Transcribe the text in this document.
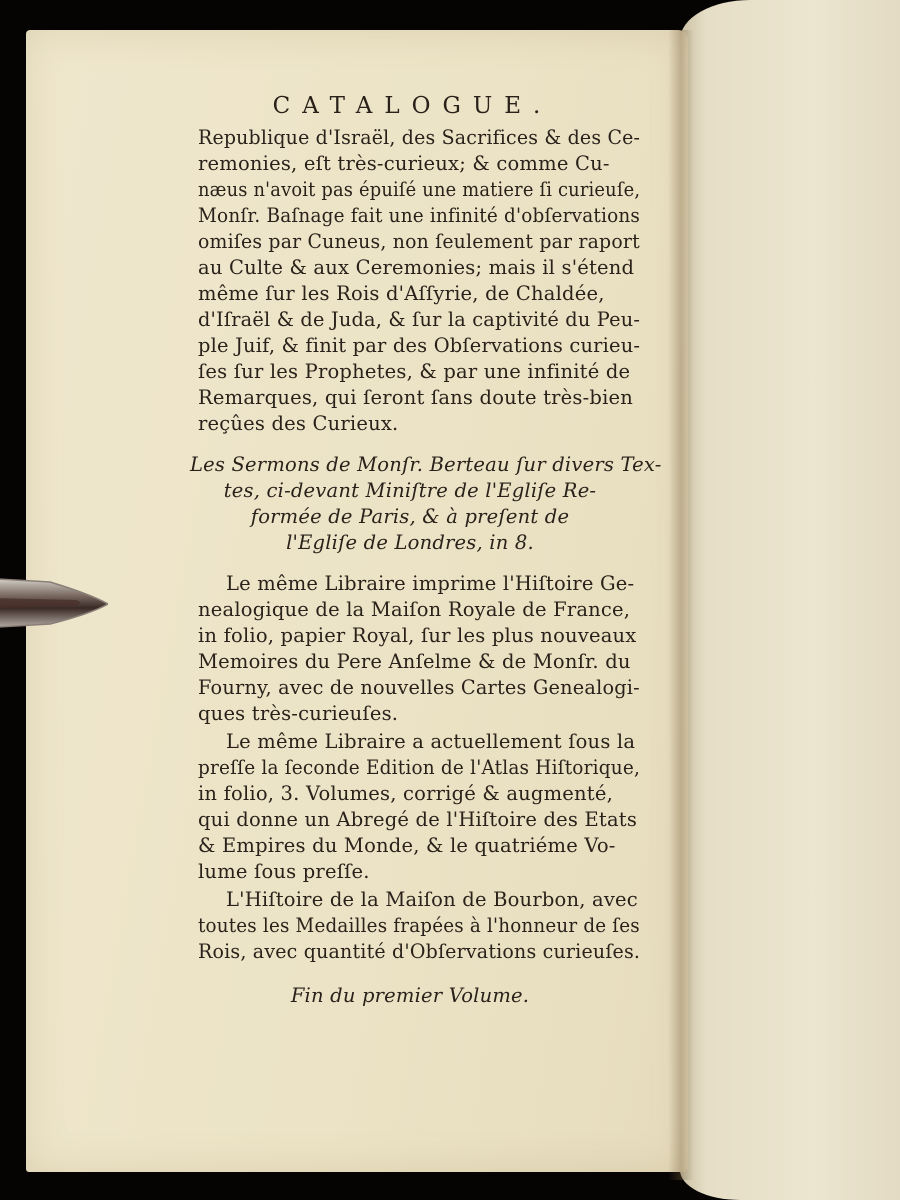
CATALOGUE.
Republique d'Israël, des Sacrifices & des Ce-
remonies, eſt très-curieux; & comme Cu-
næus n'avoit pas épuiſé une matiere ſi curieuſe,
Monſr. Baſnage fait une infinité d'obſervations
omiſes par Cuneus, non ſeulement par raport
au Culte & aux Ceremonies; mais il s'étend
même ſur les Rois d'Aſſyrie, de Chaldée,
d'Iſraël & de Juda, & ſur la captivité du Peu-
ple Juif, & finit par des Obſervations curieu-
ſes ſur les Prophetes, & par une infinité de
Remarques, qui ſeront ſans doute très-bien
reçûes des Curieux.
Les Sermons de Monſr. Berteau ſur divers Tex-
tes, ci-devant Miniſtre de l'Egliſe Re-
formée de Paris, & à preſent de
l'Egliſe de Londres, in 8.
Le même Libraire imprime l'Hiſtoire Ge-
nealogique de la Maiſon Royale de France,
in folio, papier Royal, ſur les plus nouveaux
Memoires du Pere Anſelme & de Monſr. du
Fourny, avec de nouvelles Cartes Genealogi-
ques très-curieuſes.
Le même Libraire a actuellement ſous la
preſſe la ſeconde Edition de l'Atlas Hiſtorique,
in folio, 3. Volumes, corrigé & augmenté,
qui donne un Abregé de l'Hiſtoire des Etats
& Empires du Monde, & le quatriéme Vo-
lume ſous preſſe.
L'Hiſtoire de la Maiſon de Bourbon, avec
toutes les Medailles frapées à l'honneur de ſes
Rois, avec quantité d'Obſervations curieuſes.
Fin du premier Volume.
